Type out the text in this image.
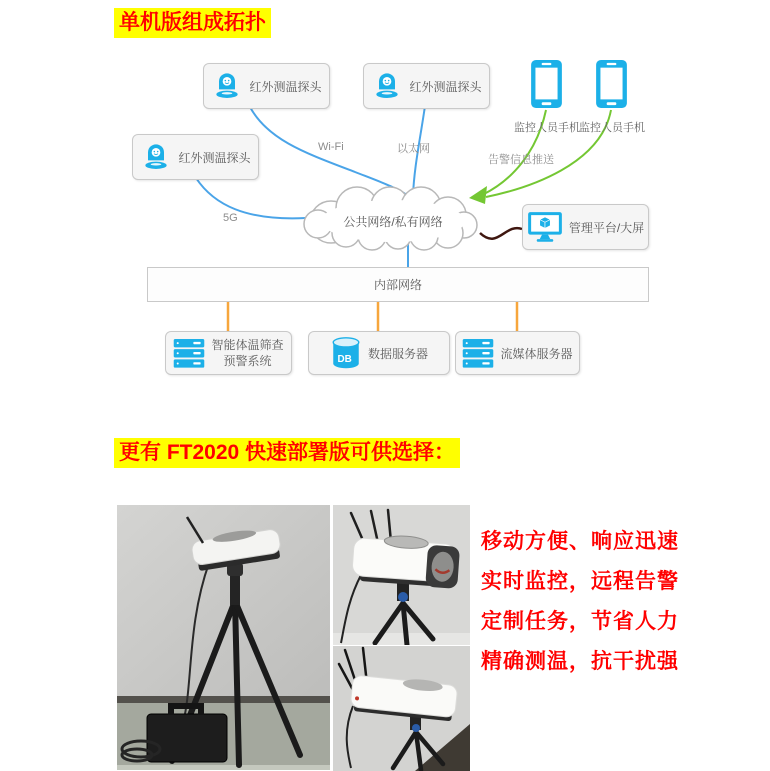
单机版组成拓扑
更有 FT2020 快速部署版可供选择：
公共网络/私有网络
Wi-Fi	以太网
5G
告警信息推送
红外测温探头	红外测温探头
红外测温探头
监控人员手机 监控人员手机
管理平台/大屏
内部网络
智能体温筛查
预警系统	DB 数据服务器	流媒体服务器
移动方便、响应迅速
实时监控，远程告警
定制任务，节省人力
精确测温，抗干扰强
